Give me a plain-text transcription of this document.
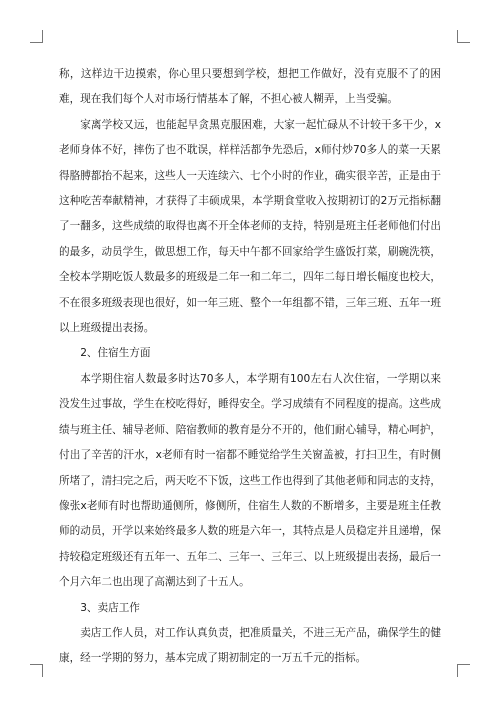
称，这样边干边摸索，你心里只要想到学校，想把工作做好，没有克服不了的困难，现在我们每个人对市场行情基本了解，不担心被人糊弄，上当受骗。

家离学校又远，也能起早贪黑克服困难，大家一起忙碌从不计较干多干少，x老师身体不好，摔伤了也不耽误，样样活都争先恐后，x师付炒70多人的菜一天累得胳膊都抬不起来，这些人一天连续六、七个小时的作业，确实很辛苦，正是由于这种吃苦奉献精神，才获得了丰硕成果，本学期食堂收入按期初订的2万元指标翻了一翻多，这些成绩的取得也离不开全体老师的支持，特别是班主任老师他们付出的最多，动员学生，做思想工作，每天中午都不回家给学生盛饭打菜，刷碗洗筷，全校本学期吃饭人数最多的班级是二年一和二年二，四年二每日增长幅度也校大，不在很多班级表现也很好，如一年三班、整个一年组都不错，三年三班、五年一班以上班级提出表扬。

2、住宿生方面

本学期住宿人数最多时达70多人，本学期有100左右人次住宿，一学期以来没发生过事故，学生在校吃得好，睡得安全。学习成绩有不同程度的提高。这些成绩与班主任、辅导老师、陪宿教师的教育是分不开的，他们耐心辅导，精心呵护，付出了辛苦的汗水，x老师有时一宿都不睡觉给学生关窗盖被，打扫卫生，有时侧所堵了，清扫完之后，两天吃不下饭，这些工作也得到了其他老师和同志的支持，像张x老师有时也帮助通侧所，修侧所，住宿生人数的不断增多，主要是班主任教师的动员，开学以来始终最多人数的班是六年一，其特点是人员稳定并且递增，保持较稳定班级还有五年一、五年二、三年一、三年三、以上班级提出表扬，最后一个月六年二也出现了高潮达到了十五人。

3、卖店工作

卖店工作人员，对工作认真负责，把准质量关，不进三无产品，确保学生的健康，经一学期的努力，基本完成了期初制定的一万五千元的指标。
